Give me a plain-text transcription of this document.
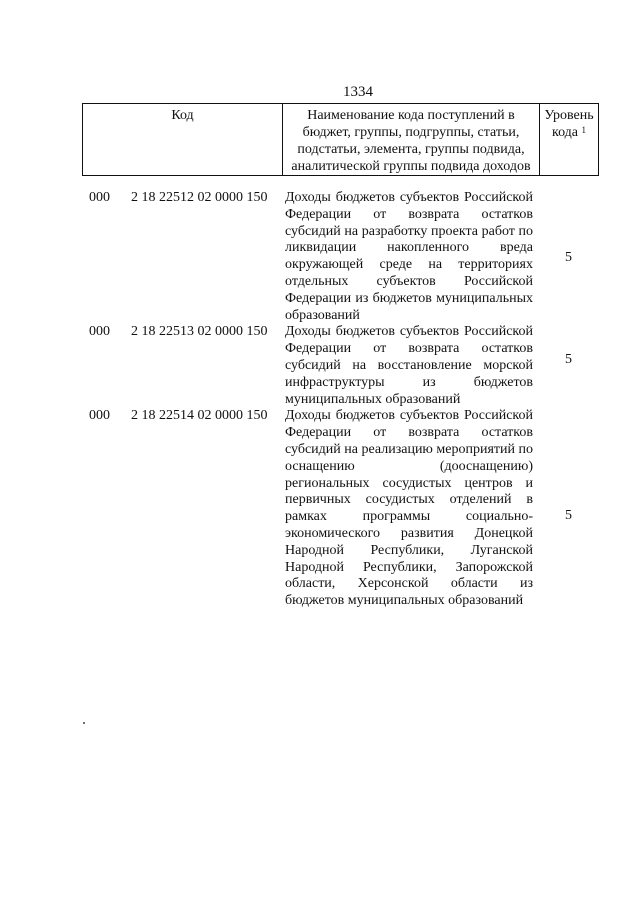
1334
Код	Наименование кода поступлений в бюджет, группы, подгруппы, статьи, подстатьи, элемента, группы подвида, аналитической группы подвида доходов
Уровень кода $^1$
000 2 18 22512 02 0000 150 Доходы бюджетов субъектов Российской Федерации от возврата остатков субсидий на разработку проекта работ по ликвидации накопленного вреда окружающей среде на территориях отдельных субъектов Российской Федерации из бюджетов муниципальных образований
5
000 2 18 22513 02 0000 150 Доходы бюджетов субъектов Российской Федерации от возврата остатков субсидий на восстановление морской инфраструктуры из бюджетов муниципальных образований
5
000 2 18 22514 02 0000 150 Доходы бюджетов субъектов Российской Федерации от возврата остатков субсидий на реализацию мероприятий по оснащению (дооснащению) региональных сосудистых центров и первичных сосудистых отделений в рамках программы социально-экономического развития Донецкой Народной Республики, Луганской Народной Республики, Запорожской области, Херсонской области из бюджетов муниципальных образований
5
